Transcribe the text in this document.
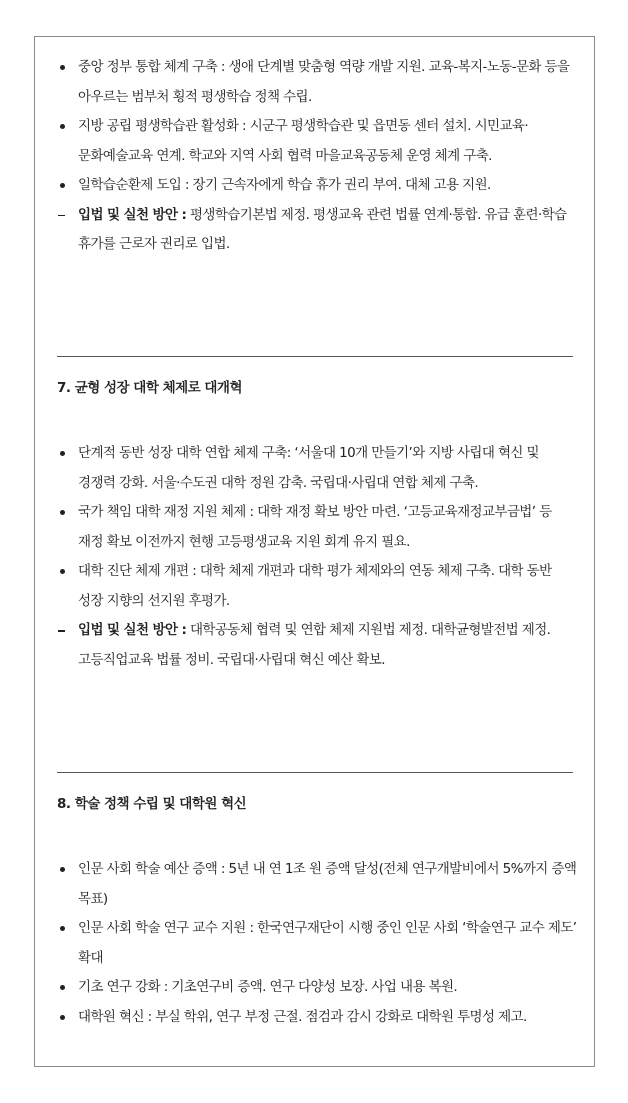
중앙 정부 통합 체계 구축 : 생애 단계별 맞춤형 역량 개발 지원. 교육-복지-노동-문화 등을 아우르는 범부처 횡적 평생학습 정책 수립.
지방 공립 평생학습관 활성화 : 시군구 평생학습관 및 읍면동 센터 설치. 시민교육·문화예술교육 연계. 학교와 지역 사회 협력 마을교육공동체 운영 체계 구축.
일학습순환제 도입 : 장기 근속자에게 학습 휴가 권리 부여. 대체 고용 지원.
입법 및 실천 방안 : 평생학습기본법 제정. 평생교육 관련 법률 연계·통합. 유급 훈련·학습 휴가를 근로자 권리로 입법.
7. 균형 성장 대학 체제로 대개혁
단계적 동반 성장 대학 연합 체제 구축: ‘서울대 10개 만들기’와 지방 사립대 혁신 및 경쟁력 강화. 서울·수도권 대학 정원 감축. 국립대·사립대 연합 체제 구축.
국가 책임 대학 재정 지원 체제 : 대학 재정 확보 방안 마련. ‘고등교육재정교부금법’ 등 재정 확보 이전까지 현행 고등평생교육 지원 회계 유지 필요.
대학 진단 체제 개편 : 대학 체제 개편과 대학 평가 체제와의 연동 체제 구축. 대학 동반 성장 지향의 선지원 후평가.
입법 및 실천 방안 : 대학공동체 협력 및 연합 체제 지원법 제정. 대학균형발전법 제정. 고등직업교육 법률 정비. 국립대·사립대 혁신 예산 확보.
8. 학술 정책 수립 및 대학원 혁신
인문 사회 학술 예산 증액 : 5년 내 연 1조 원 증액 달성(전체 연구개발비에서 5%까지 증액 목표)
인문 사회 학술 연구 교수 지원 : 한국연구재단이 시행 중인 인문 사회 ‘학술연구 교수 제도’ 확대
기초 연구 강화 : 기초연구비 증액. 연구 다양성 보장. 사업 내용 복원.
대학원 혁신 : 부실 학위, 연구 부정 근절. 점검과 감시 강화로 대학원 투명성 제고.
